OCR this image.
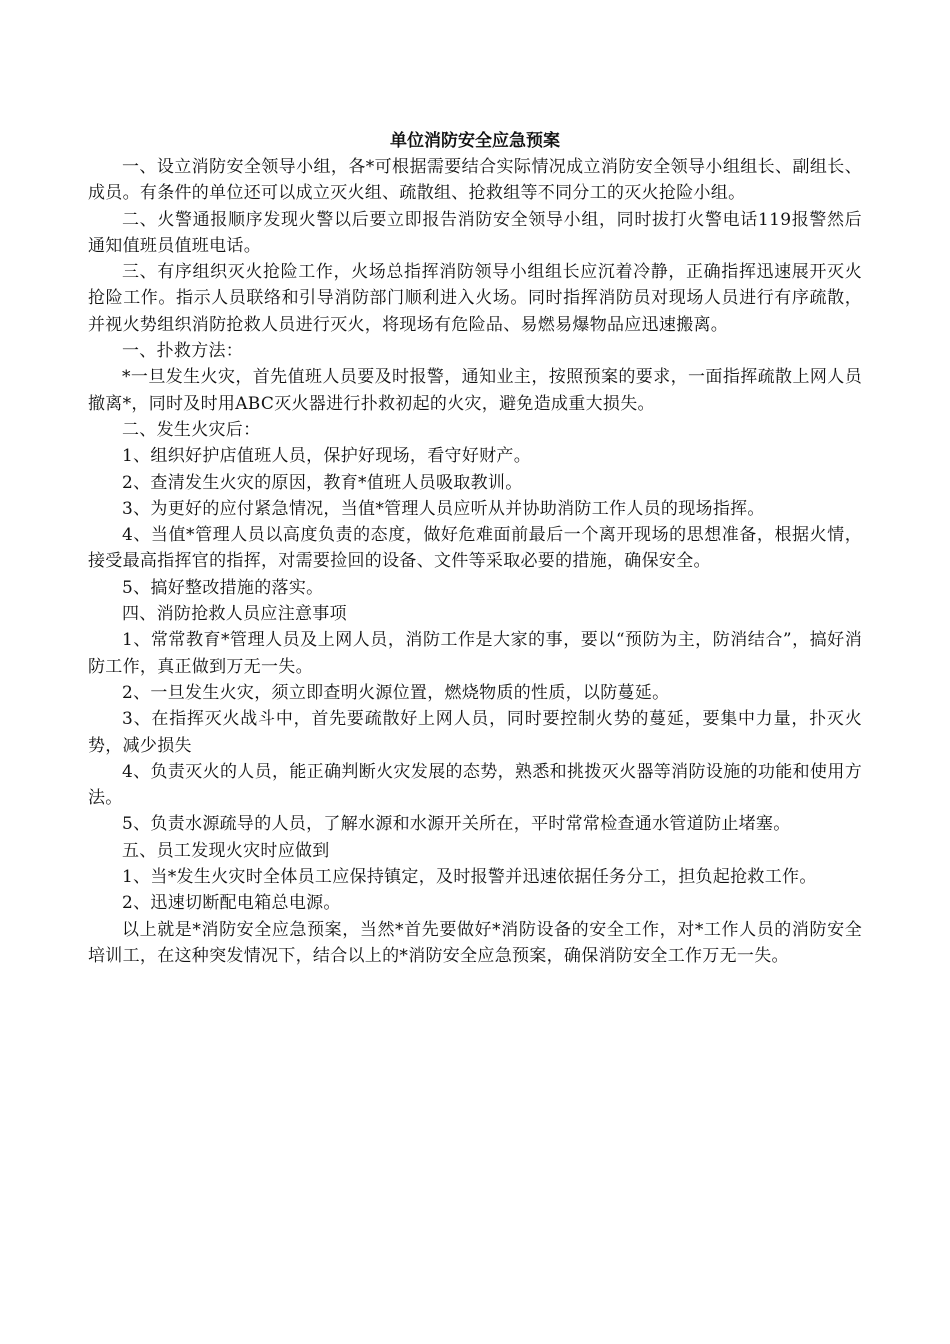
单位消防安全应急预案

一、设立消防安全领导小组，各*可根据需要结合实际情况成立消防安全领导小组组长、副组长、成员。有条件的单位还可以成立灭火组、疏散组、抢救组等不同分工的灭火抢险小组。

二、火警通报顺序发现火警以后要立即报告消防安全领导小组，同时拔打火警电话119报警然后通知值班员值班电话。

三、有序组织灭火抢险工作，火场总指挥消防领导小组组长应沉着冷静，正确指挥迅速展开灭火抢险工作。指示人员联络和引导消防部门顺利进入火场。同时指挥消防员对现场人员进行有序疏散，并视火势组织消防抢救人员进行灭火，将现场有危险品、易燃易爆物品应迅速搬离。

一、扑救方法：

*一旦发生火灾，首先值班人员要及时报警，通知业主，按照预案的要求，一面指挥疏散上网人员撤离*，同时及时用ABC灭火器进行扑救初起的火灾，避免造成重大损失。

二、发生火灾后：

1、组织好护店值班人员，保护好现场，看守好财产。

2、查清发生火灾的原因，教育*值班人员吸取教训。

3、为更好的应付紧急情况，当值*管理人员应听从并协助消防工作人员的现场指挥。

4、当值*管理人员以高度负责的态度，做好危难面前最后一个离开现场的思想准备，根据火情，接受最高指挥官的指挥，对需要捡回的设备、文件等采取必要的措施，确保安全。

5、搞好整改措施的落实。

四、消防抢救人员应注意事项

1、常常教育*管理人员及上网人员，消防工作是大家的事，要以“预防为主，防消结合”，搞好消防工作，真正做到万无一失。

2、一旦发生火灾，须立即查明火源位置，燃烧物质的性质，以防蔓延。

3、在指挥灭火战斗中，首先要疏散好上网人员，同时要控制火势的蔓延，要集中力量，扑灭火势，减少损失

4、负责灭火的人员，能正确判断火灾发展的态势，熟悉和挑拨灭火器等消防设施的功能和使用方法。

5、负责水源疏导的人员，了解水源和水源开关所在，平时常常检查通水管道防止堵塞。

五、员工发现火灾时应做到

1、当*发生火灾时全体员工应保持镇定，及时报警并迅速依据任务分工，担负起抢救工作。

2、迅速切断配电箱总电源。

以上就是*消防安全应急预案，当然*首先要做好*消防设备的安全工作，对*工作人员的消防安全培训工，在这种突发情况下，结合以上的*消防安全应急预案，确保消防安全工作万无一失。
